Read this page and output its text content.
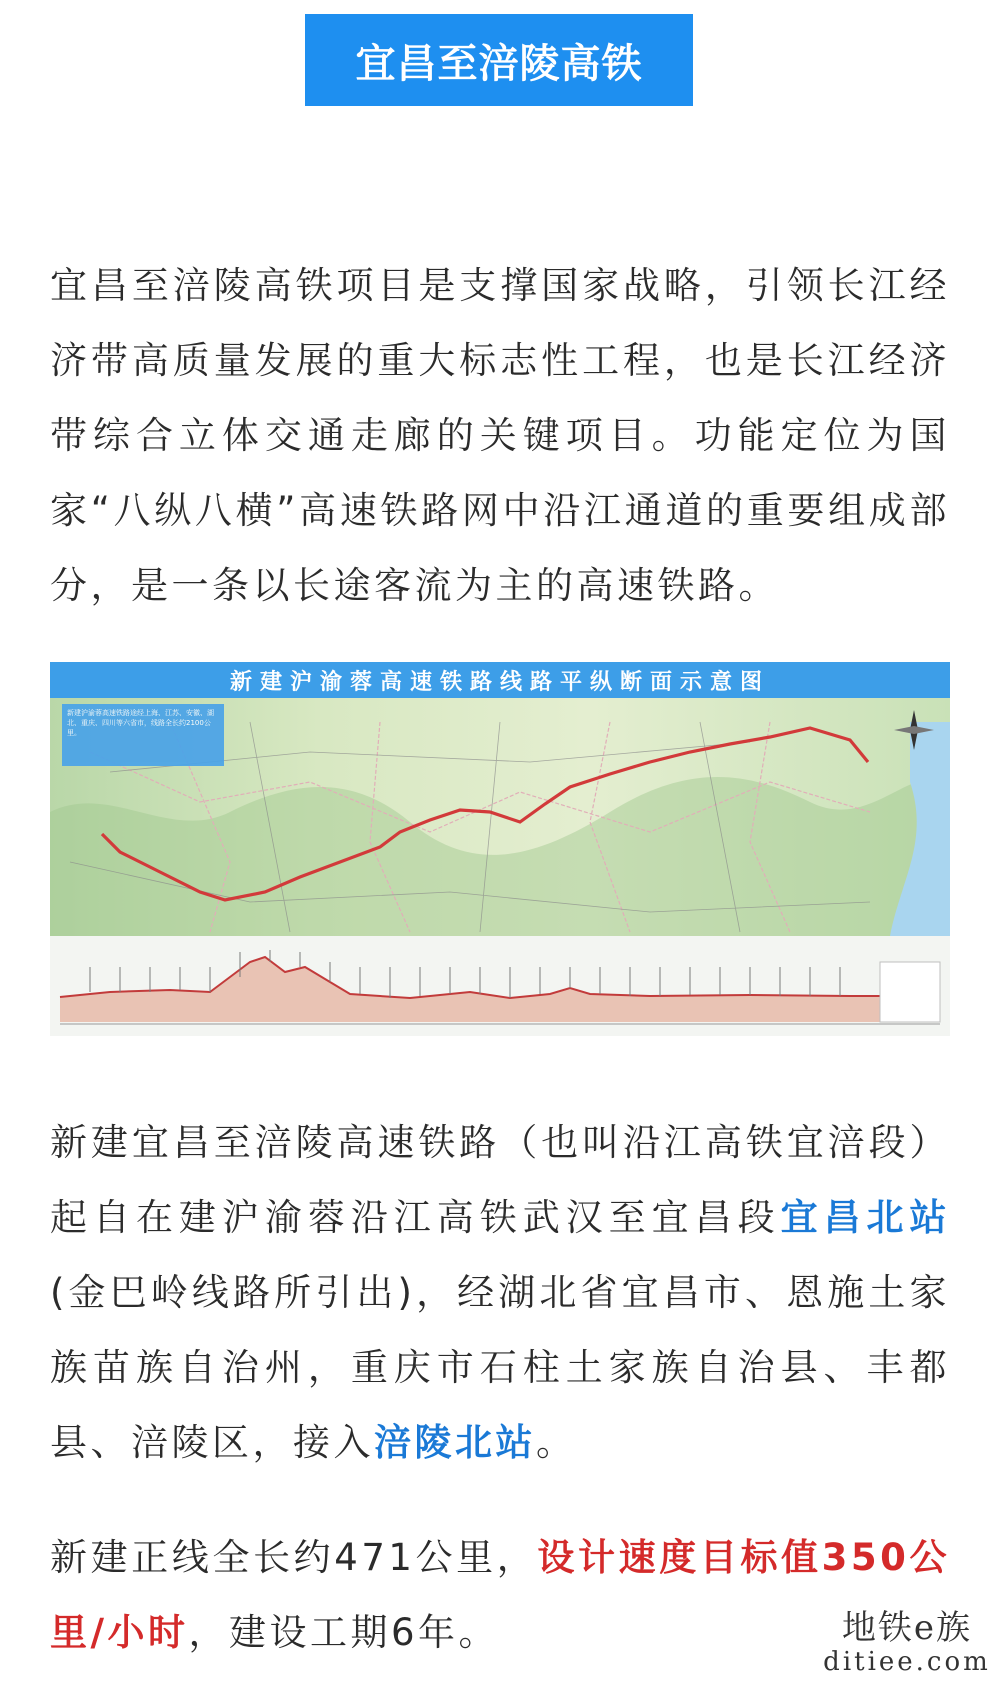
宜昌至涪陵高铁

宜昌至涪陵高铁项目是支撑国家战略，引领长江经济带高质量发展的重大标志性工程，也是长江经济带综合立体交通走廊的关键项目。功能定位为国家“八纵八横”高速铁路网中沿江通道的重要组成部分，是一条以长途客流为主的高速铁路。

新建沪渝蓉高速铁路线路平纵断面示意图
新建沪渝蓉高速铁路途经上海、江苏、安徽、湖北、重庆、四川等六省市，线路全长约2100公里。

新建宜昌至涪陵高速铁路（也叫沿江高铁宜涪段）起自在建沪渝蓉沿江高铁武汉至宜昌段宜昌北站(金巴岭线路所引出)，经湖北省宜昌市、恩施土家族苗族自治州，重庆市石柱土家族自治县、丰都县、涪陵区，接入涪陵北站。

新建正线全长约471公里，设计速度目标值350公里/小时，建设工期6年。	地铁e族
ditiee.com
